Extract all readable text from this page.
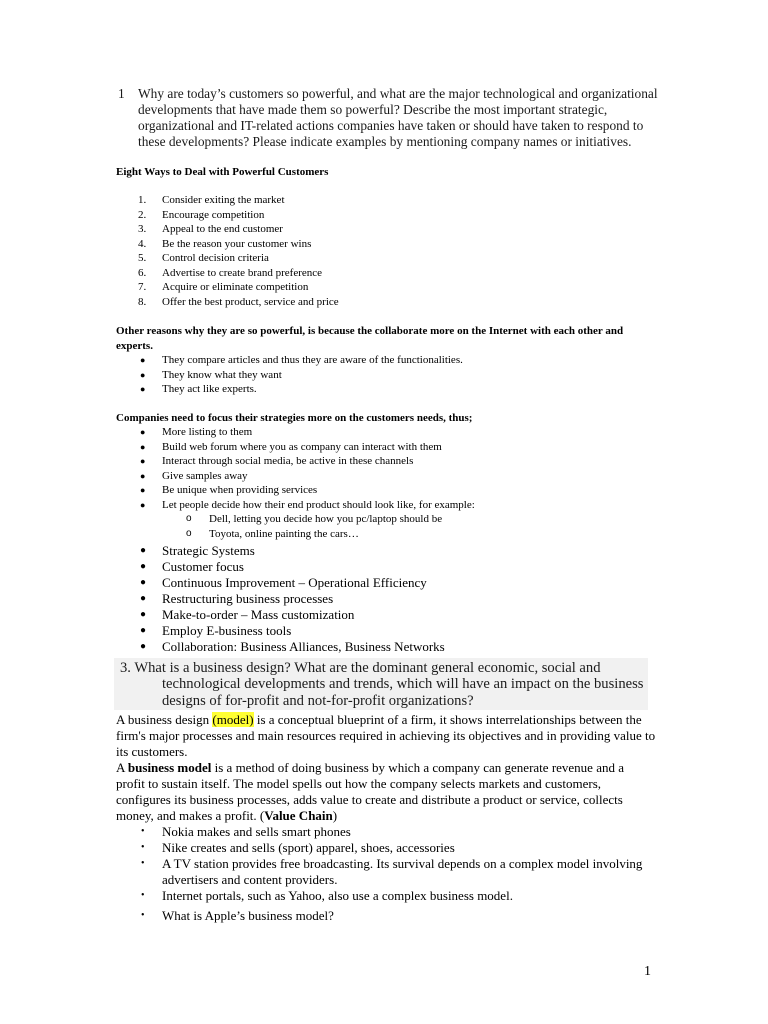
1 Why are today’s customers so powerful, and what are the major technological and organizational developments that have made them so powerful? Describe the most important strategic, organizational and IT-related actions companies have taken or should have taken to respond to these developments? Please indicate examples by mentioning company names or initiatives.
Eight Ways to Deal with Powerful Customers
1.	Consider exiting the market
2.	Encourage competition
3.	Appeal to the end customer
4.	Be the reason your customer wins
5.	Control decision criteria
6.	Advertise to create brand preference
7.	Acquire or eliminate competition
8.	Offer the best product, service and price
Other reasons why they are so powerful, is because the collaborate more on the Internet with each other and experts.
● They compare articles and thus they are aware of the functionalities.
● They know what they want
● They act like experts.
Companies need to focus their strategies more on the customers needs, thus;
● More listing to them
● Build web forum where you as company can interact with them
● Interact through social media, be active in these channels
● Give samples away
● Be unique when providing services
● Let people decide how their end product should look like, for example:
o Dell, letting you decide how you pc/laptop should be
o Toyota, online painting the cars…
● Strategic Systems
● Customer focus
● Continuous Improvement – Operational Efficiency
● Restructuring business processes
● Make-to-order – Mass customization
● Employ E-business tools
● Collaboration: Business Alliances, Business Networks
3. What is a business design? What are the dominant general economic, social and
technological developments and trends, which will have an impact on the business designs of for-profit and not-for-profit organizations?
A business design (model) is a conceptual blueprint of a firm, it shows interrelationships between the firm's major processes and main resources required in achieving its objectives and in providing value to its customers.
A business model is a method of doing business by which a company can generate revenue and a profit to sustain itself. The model spells out how the company selects markets and customers, configures its business processes, adds value to create and distribute a product or service, collects money, and makes a profit. (Value Chain)
• Nokia makes and sells smart phones
• Nike creates and sells (sport) apparel, shoes, accessories
• A TV station provides free broadcasting. Its survival depends on a complex model involving advertisers and content providers.
• Internet portals, such as Yahoo, also use a complex business model.
• What is Apple’s business model?
1
